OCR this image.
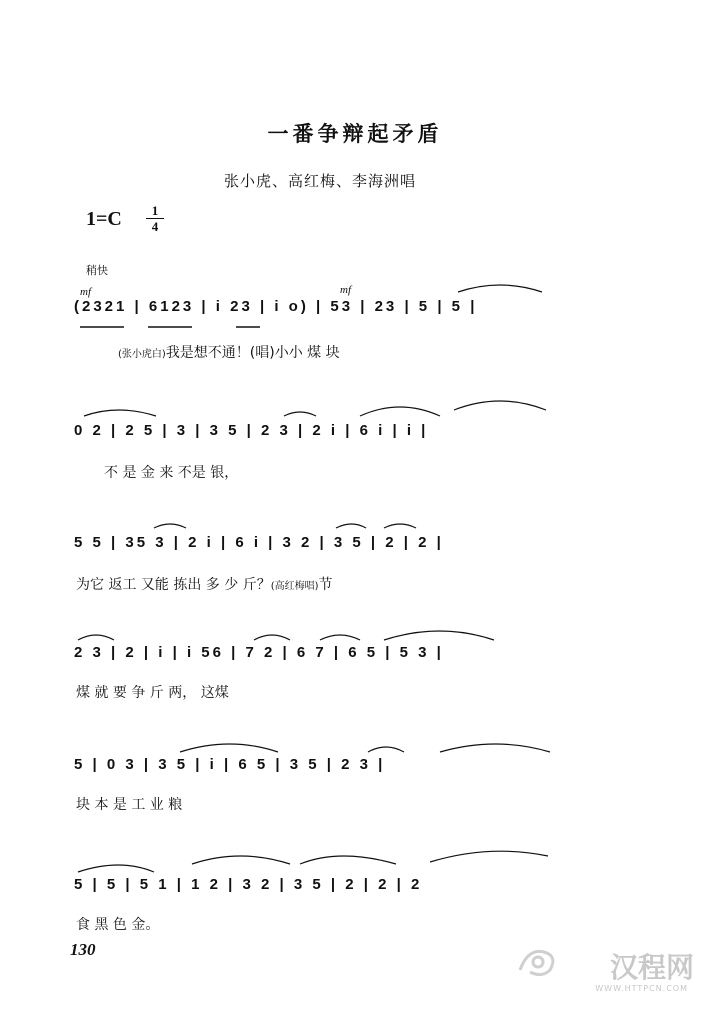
一番争辩起矛盾
张小虎、高红梅、李海洲唱
1=C	1
4
稍快
mf	mf
(2321 | 6123 | i 23 | i o) | 53 | 23 | 5 | 5 |
(张小虎白)我是想不通！(唱)小小 煤 块
0 2 | 2 5 | 3 | 3 5 | 2 3 | 2 i | 6 i | i |
不 是 金 来 不是 银，
5 5 | 35 3 | 2 i | 6 i | 3 2 | 3 5 | 2 | 2 |
为它 返工 又能 拣出 多 少 斤？(高红梅唱)节
2 3 | 2 | i | i 56 | 7 2 | 6 7 | 6 5 | 5 3 |
煤 就 要 争 斤 两， 这煤
5 | 0 3 | 3 5 | i | 6 5 | 3 5 | 2 3 |
块 本 是 工 业 粮
5 | 5 | 5 1 | 1 2 | 3 2 | 3 5 | 2 | 2 | 2
食 黑 色 金。
130
汉程网
WWW.HTTPCN.COM
